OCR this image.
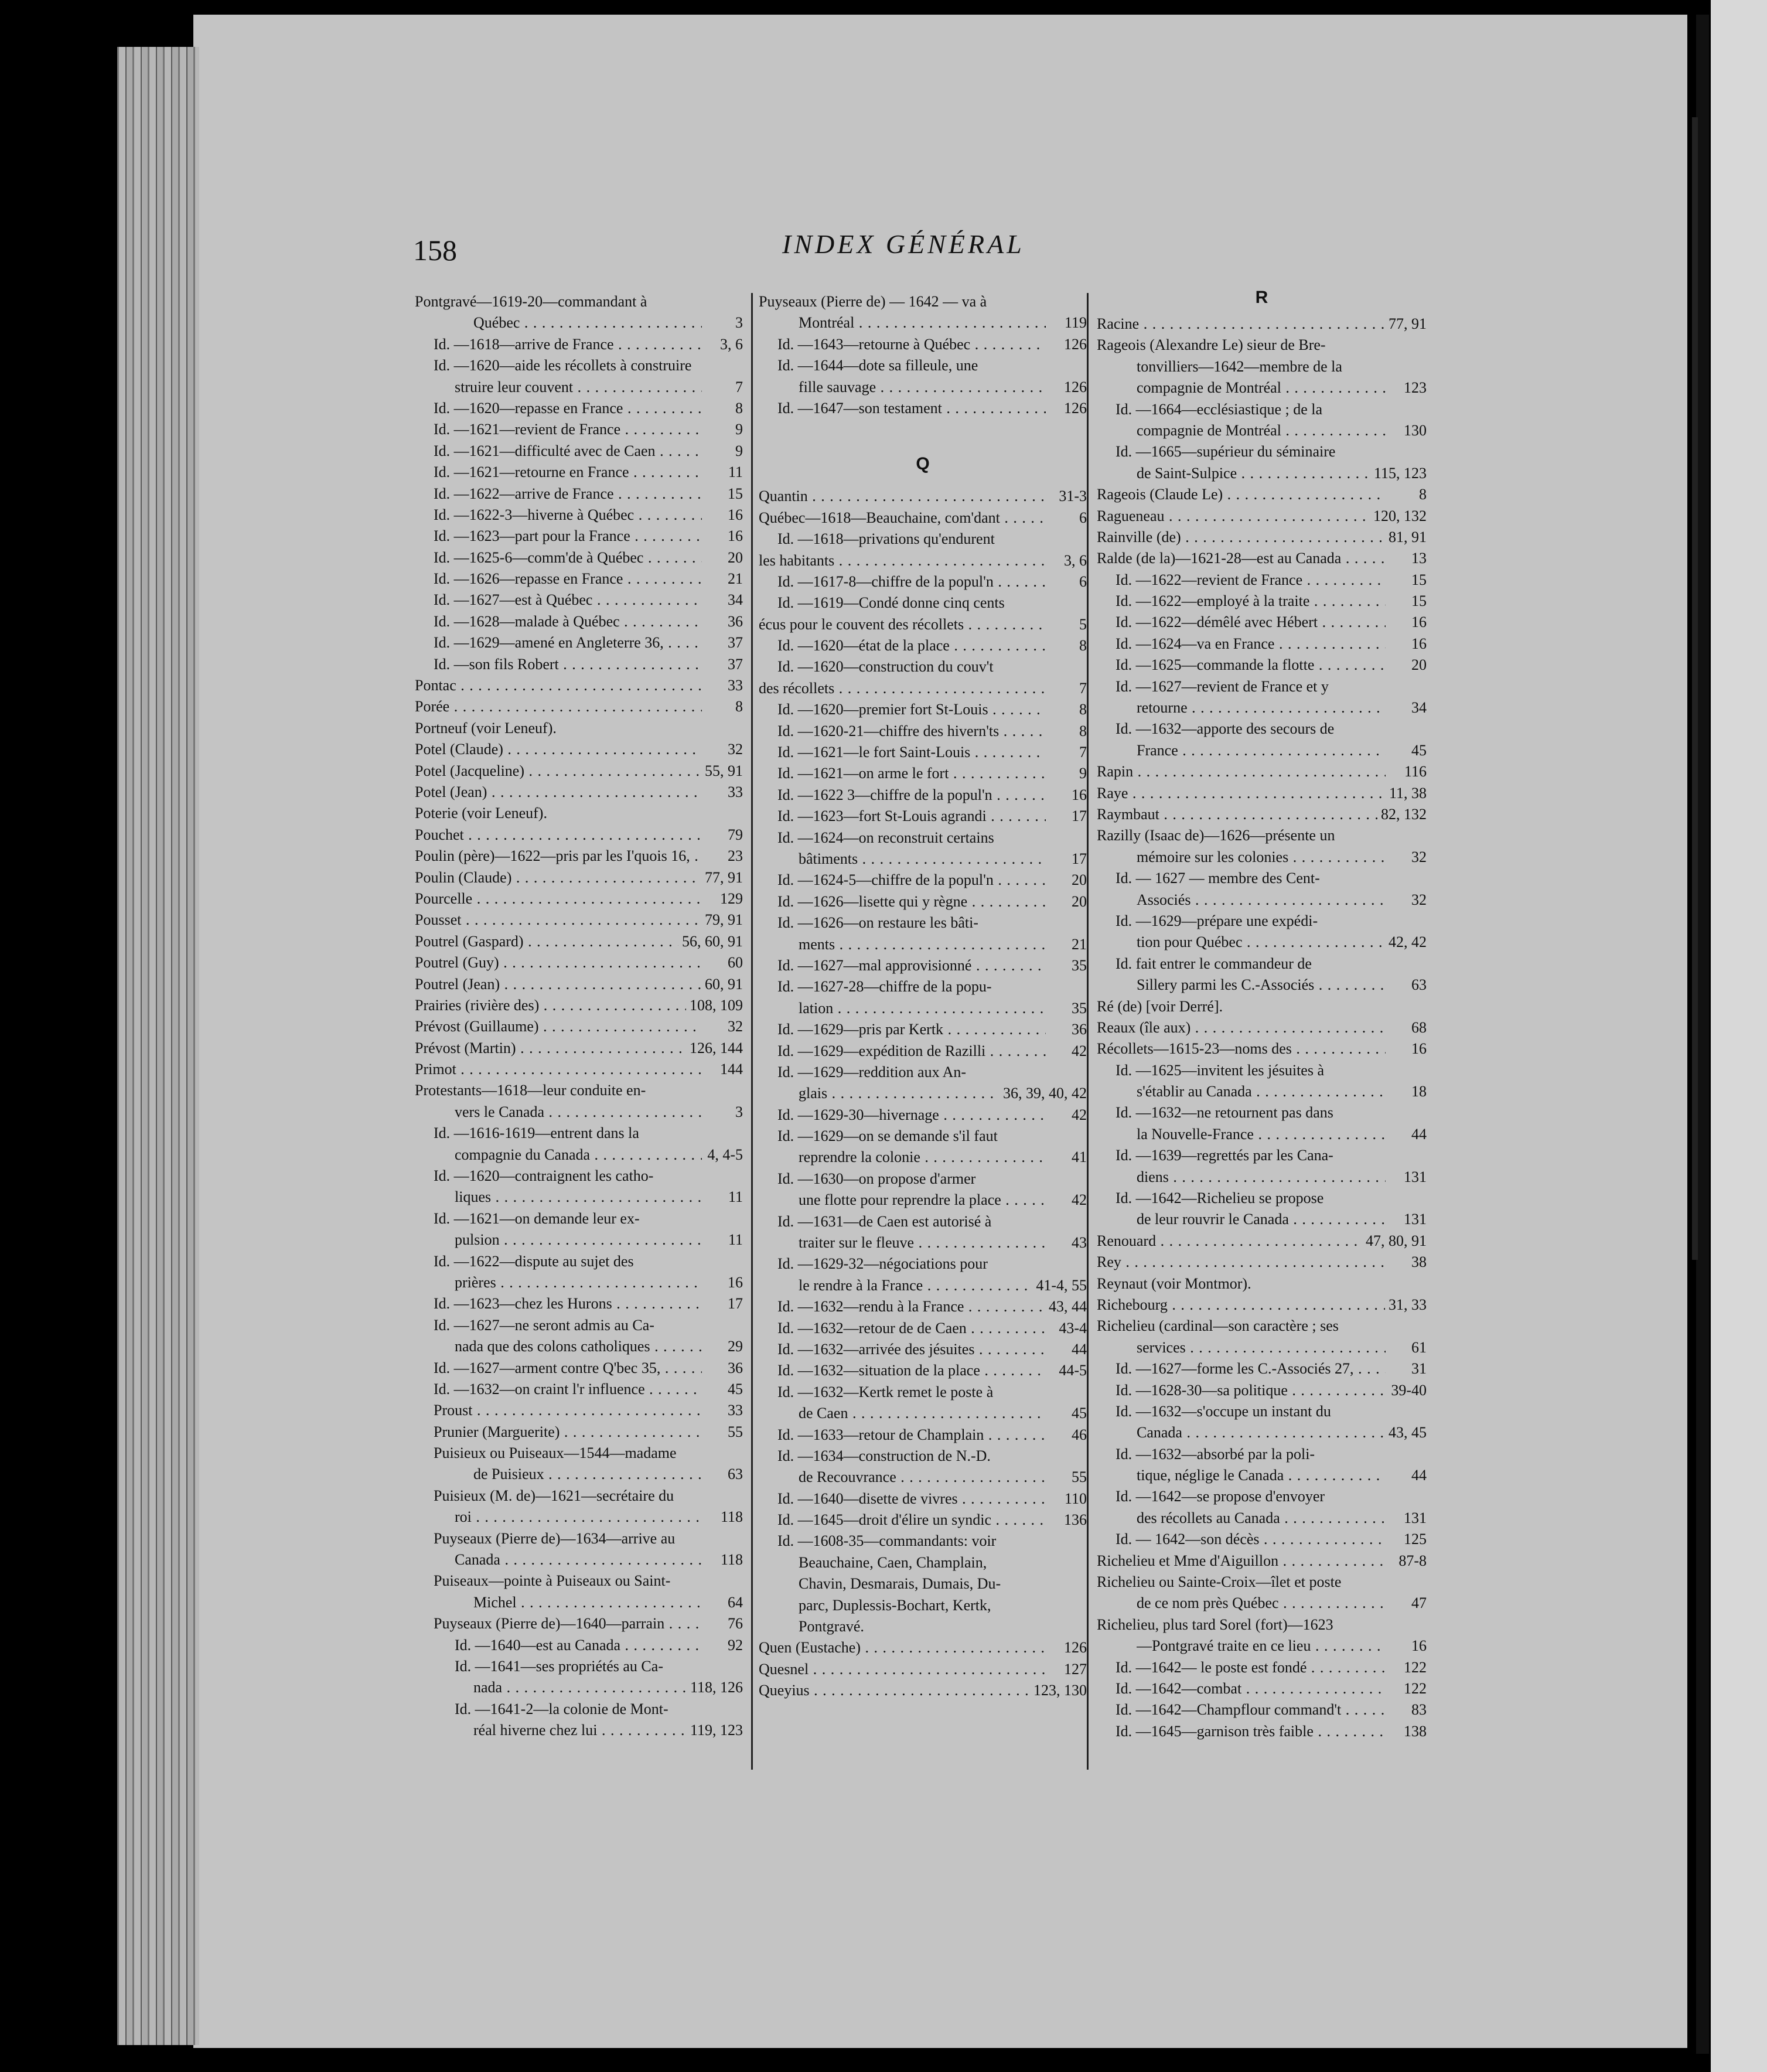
158	INDEX GÉNÉRAL
Pontgravé—1619-20—commandant à
Québec . . .	3
Id. —1618—arrive de France . . .	3, 6
Id. —1620—aide les récollets à construire
struire leur couvent . . .	7
Id. —1620—repasse en France . . .	8
Id. —1621—revient de France . . .	9
Id. —1621—difficulté avec de Caen . . .	9
Id. —1621—retourne en France . . .	11
Id. —1622—arrive de France . . .	15
Id. —1622-3—hiverne à Québec . . .	16
Id. —1623—part pour la France . . .	16
Id. —1625-6—comm'de à Québec . . .	20
Id. —1626—repasse en France . . .	21
Id. —1627—est à Québec . . .	34
Id. —1628—malade à Québec . . .	36
Id. —1629—amené en Angleterre 36, . . .	37
Id. —son fils Robert . . .	37
Pontac . . .	33
Porée . . .	8
Portneuf (voir Leneuf).
Potel (Claude) . . .	32
Potel (Jacqueline) . . .	55, 91
Potel (Jean) . . .	33
Poterie (voir Leneuf).
Pouchet . . .	79
Poulin (père)—1622—pris par les I'quois 16, . . .	23
Poulin (Claude) . . .	77, 91
Pourcelle . . .	129
Pousset . . .	79, 91
Poutrel (Gaspard) . . .	56, 60, 91
Poutrel (Guy) . . .	60
Poutrel (Jean) . . .	60, 91
Prairies (rivière des) . . .	108, 109
Prévost (Guillaume) . . .	32
Prévost (Martin) . . .	126, 144
Primot . . .	144
Protestants—1618—leur conduite en-
vers le Canada . . .	3
Id. —1616-1619—entrent dans la
compagnie du Canada . . .	4, 4-5
Id. —1620—contraignent les catho-
liques . . .	11
Id. —1621—on demande leur ex-
pulsion . . .	11
Id. —1622—dispute au sujet des
prières . . .	16
Id. —1623—chez les Hurons . . .	17
Id. —1627—ne seront admis au Ca-
nada que des colons catholiques . . .	29
Id. —1627—arment contre Q'bec 35, . . .	36
Id. —1632—on craint l'r influence . . .	45
Proust . . .	33
Prunier (Marguerite) . . .	55
Puisieux ou Puiseaux—1544—madame
de Puisieux . . .	63
Puisieux (M. de)—1621—secrétaire du
roi . . .	118
Puyseaux (Pierre de)—1634—arrive au
Canada . . .	118
Puiseaux—pointe à Puiseaux ou Saint-
Michel . . .	64
Puyseaux (Pierre de)—1640—parrain . . .	76
Id. —1640—est au Canada . . .	92
Id. —1641—ses propriétés au Ca-
nada . . .	118, 126
Id. —1641-2—la colonie de Mont-
réal hiverne chez lui . . .	119, 123
Puyseaux (Pierre de) — 1642 — va à
Montréal . . .	119
Id. —1643—retourne à Québec . . .	126
Id. —1644—dote sa filleule, une
fille sauvage . . .	126
Id. —1647—son testament . . .	126
Q
Quantin . . .	31-3
Québec—1618—Beauchaine, com'dant . . .	6
Id. —1618—privations qu'endurent
les habitants . . .	3, 6
Id. —1617-8—chiffre de la popul'n . . .	6
Id. —1619—Condé donne cinq cents
écus pour le couvent des récollets . . .	5
Id. —1620—état de la place . . .	8
Id. —1620—construction du couv't
des récollets . . .	7
Id. —1620—premier fort St-Louis . . .	8
Id. —1620-21—chiffre des hivern'ts . . .	8
Id. —1621—le fort Saint-Louis . . .	7
Id. —1621—on arme le fort . . .	9
Id. —1622 3—chiffre de la popul'n . . .	16
Id. —1623—fort St-Louis agrandi . . .	17
Id. —1624—on reconstruit certains
bâtiments . . .	17
Id. —1624-5—chiffre de la popul'n . . .	20
Id. —1626—lisette qui y règne . . .	20
Id. —1626—on restaure les bâti-
ments . . .	21
Id. —1627—mal approvisionné . . .	35
Id. —1627-28—chiffre de la popu-
lation . . .	35
Id. —1629—pris par Kertk . . .	36
Id. —1629—expédition de Razilli . . .	42
Id. —1629—reddition aux An-
glais . . .	36, 39, 40, 42
Id. —1629-30—hivernage . . .	42
Id. —1629—on se demande s'il faut
reprendre la colonie . . .	41
Id. —1630—on propose d'armer
une flotte pour reprendre la place . . .	42
Id. —1631—de Caen est autorisé à
traiter sur le fleuve . . .	43
Id. —1629-32—négociations pour
le rendre à la France . . .	41-4, 55
Id. —1632—rendu à la France . . .	43, 44
Id. —1632—retour de de Caen . . .	43-4
Id. —1632—arrivée des jésuites . . .	44
Id. —1632—situation de la place . . .	44-5
Id. —1632—Kertk remet le poste à
de Caen . . .	45
Id. —1633—retour de Champlain . . .	46
Id. —1634—construction de N.-D.
de Recouvrance . . .	55
Id. —1640—disette de vivres . . .	110
Id. —1645—droit d'élire un syndic . . .	136
Id. —1608-35—commandants: voir
Beauchaine, Caen, Champlain,
Chavin, Desmarais, Dumais, Du-
parc, Duplessis-Bochart, Kertk,
Pontgravé.
Quen (Eustache) . . .	126
Quesnel . . .	127
Queyius . . .	123, 130
R
Racine . . .	77, 91
Rageois (Alexandre Le) sieur de Bre-
tonvilliers—1642—membre de la
compagnie de Montréal . . .	123
Id. —1664—ecclésiastique ; de la
compagnie de Montréal . . .	130
Id. —1665—supérieur du séminaire
de Saint-Sulpice . . .	115, 123
Rageois (Claude Le) . . .	8
Ragueneau . . .	120, 132
Rainville (de) . . .	81, 91
Ralde (de la)—1621-28—est au Canada . . .	13
Id. —1622—revient de France . . .	15
Id. —1622—employé à la traite . . .	15
Id. —1622—démêlé avec Hébert . . .	16
Id. —1624—va en France . . .	16
Id. —1625—commande la flotte . . .	20
Id. —1627—revient de France et y
retourne . . .	34
Id. —1632—apporte des secours de
France . . .	45
Rapin . . .	116
Raye . . .	11, 38
Raymbaut . . .	82, 132
Razilly (Isaac de)—1626—présente un
mémoire sur les colonies . . .	32
Id. — 1627 — membre des Cent-
Associés . . .	32
Id. —1629—prépare une expédi-
tion pour Québec . . .	42, 42
Id. fait entrer le commandeur de
Sillery parmi les C.-Associés . . .	63
Ré (de) [voir Derré].
Reaux (île aux) . . .	68
Récollets—1615-23—noms des . . .	16
Id. —1625—invitent les jésuites à
s'établir au Canada . . .	18
Id. —1632—ne retournent pas dans
la Nouvelle-France . . .	44
Id. —1639—regrettés par les Cana-
diens . . .	131
Id. —1642—Richelieu se propose
de leur rouvrir le Canada . . .	131
Renouard . . .	47, 80, 91
Rey . . .	38
Reynaut (voir Montmor).
Richebourg . . .	31, 33
Richelieu (cardinal—son caractère ; ses
services . . .	61
Id. —1627—forme les C.-Associés 27, . . .	31
Id. —1628-30—sa politique . . .	39-40
Id. —1632—s'occupe un instant du
Canada . . .	43, 45
Id. —1632—absorbé par la poli-
tique, néglige le Canada . . .	44
Id. —1642—se propose d'envoyer
des récollets au Canada . . .	131
Id. — 1642—son décès . . .	125
Richelieu et Mme d'Aiguillon . . .	87-8
Richelieu ou Sainte-Croix—îlet et poste
de ce nom près Québec . . .	47
Richelieu, plus tard Sorel (fort)—1623
—Pontgravé traite en ce lieu . . .	16
Id. —1642— le poste est fondé . . .	122
Id. —1642—combat . . .	122
Id. —1642—Champflour command't . . .	83
Id. —1645—garnison très faible . . .	138
